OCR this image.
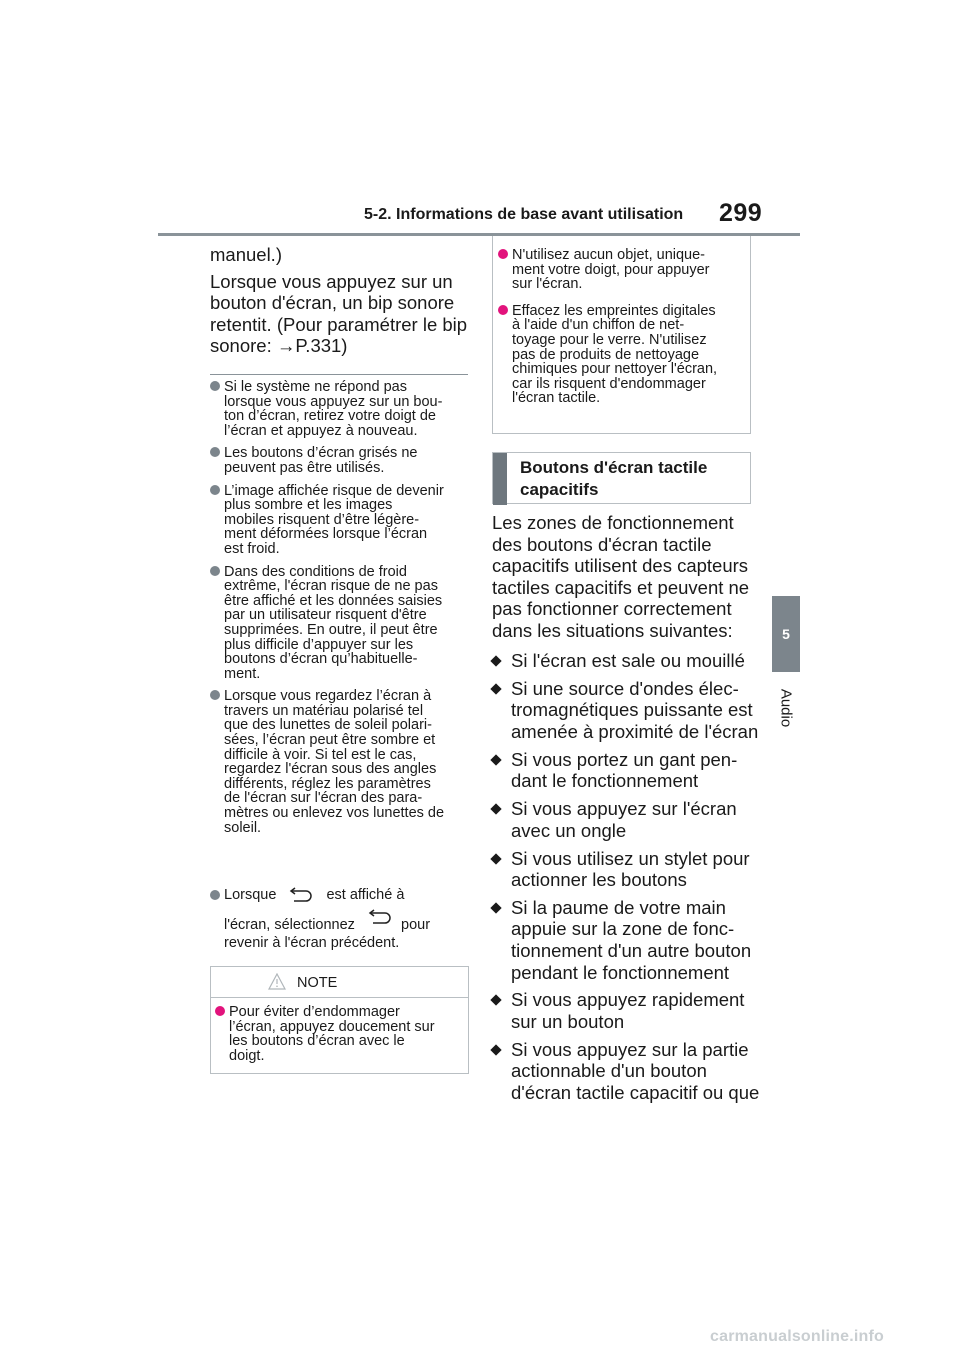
5-2. Informations de base avant utilisation 299
5
Audio
manuel.)
Lorsque vous appuyez sur un
bouton d'écran, un bip sonore
retentit. (Pour paramétrer le bip
sonore: →P.331)
Si le système ne répond pas
lorsque vous appuyez sur un bou-
ton d’écran, retirez votre doigt de
l’écran et appuyez à nouveau.
Les boutons d’écran grisés ne
peuvent pas être utilisés.
L’image affichée risque de devenir
plus sombre et les images
mobiles risquent d’être légère-
ment déformées lorsque l’écran
est froid.
Dans des conditions de froid
extrême, l'écran risque de ne pas
être affiché et les données saisies
par un utilisateur risquent d'être
supprimées. En outre, il peut être
plus difficile d’appuyer sur les
boutons d’écran qu’habituelle-
ment.
Lorsque vous regardez l’écran à
travers un matériau polarisé tel
que des lunettes de soleil polari-
sées, l’écran peut être sombre et
difficile à voir. Si tel est le cas,
regardez l'écran sous des angles
différents, réglez les paramètres
de l'écran sur l'écran des para-
mètres ou enlevez vos lunettes de
soleil.
Lorsque	est affiché à
l'écran, sélectionnez	pour
revenir à l'écran précédent.
NOTE
Pour éviter d’endommager
l’écran, appuyez doucement sur
les boutons d’écran avec le
doigt.
N'utilisez aucun objet, unique-
ment votre doigt, pour appuyer
sur l'écran.
Effacez les empreintes digitales
à l'aide d'un chiffon de net-
toyage pour le verre. N'utilisez
pas de produits de nettoyage
chimiques pour nettoyer l'écran,
car ils risquent d'endommager
l'écran tactile.
Boutons d'écran tactile
capacitifs
Les zones de fonctionnement
des boutons d'écran tactile
capacitifs utilisent des capteurs
tactiles capacitifs et peuvent ne
pas fonctionner correctement
dans les situations suivantes:
Si l'écran est sale ou mouillé
Si une source d'ondes élec-
tromagnétiques puissante est
amenée à proximité de l'écran
Si vous portez un gant pen-
dant le fonctionnement
Si vous appuyez sur l'écran
avec un ongle
Si vous utilisez un stylet pour
actionner les boutons
Si la paume de votre main
appuie sur la zone de fonc-
tionnement d'un autre bouton
pendant le fonctionnement
Si vous appuyez rapidement
sur un bouton
Si vous appuyez sur la partie
actionnable d'un bouton
d'écran tactile capacitif ou que
carmanualsonline.info
